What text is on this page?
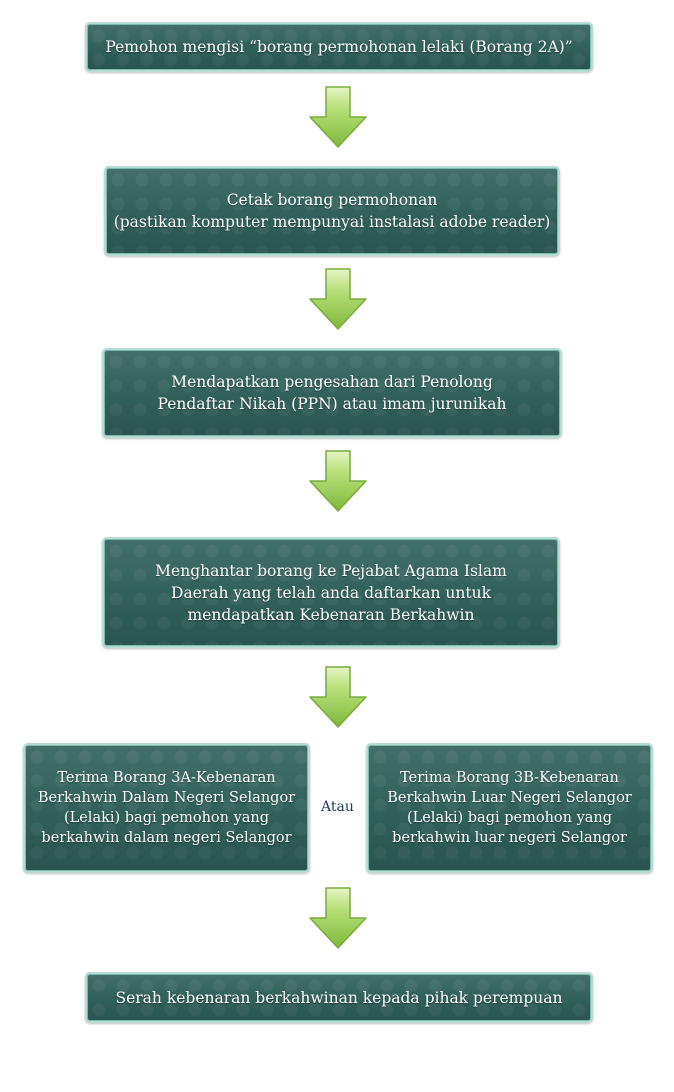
Pemohon mengisi “borang permohonan lelaki (Borang 2A)”
Cetak borang permohonan
(pastikan komputer mempunyai instalasi adobe reader)
Mendapatkan pengesahan dari Penolong
Pendaftar Nikah (PPN) atau imam jurunikah
Menghantar borang ke Pejabat Agama Islam
Daerah yang telah anda daftarkan untuk
mendapatkan Kebenaran Berkahwin
Terima Borang 3A-Kebenaran
Berkahwin Dalam Negeri Selangor
(Lelaki) bagi pemohon yang
berkahwin dalam negeri Selangor
Atau
Terima Borang 3B-Kebenaran
Berkahwin Luar Negeri Selangor
(Lelaki) bagi pemohon yang
berkahwin luar negeri Selangor
Serah kebenaran berkahwinan kepada pihak perempuan
